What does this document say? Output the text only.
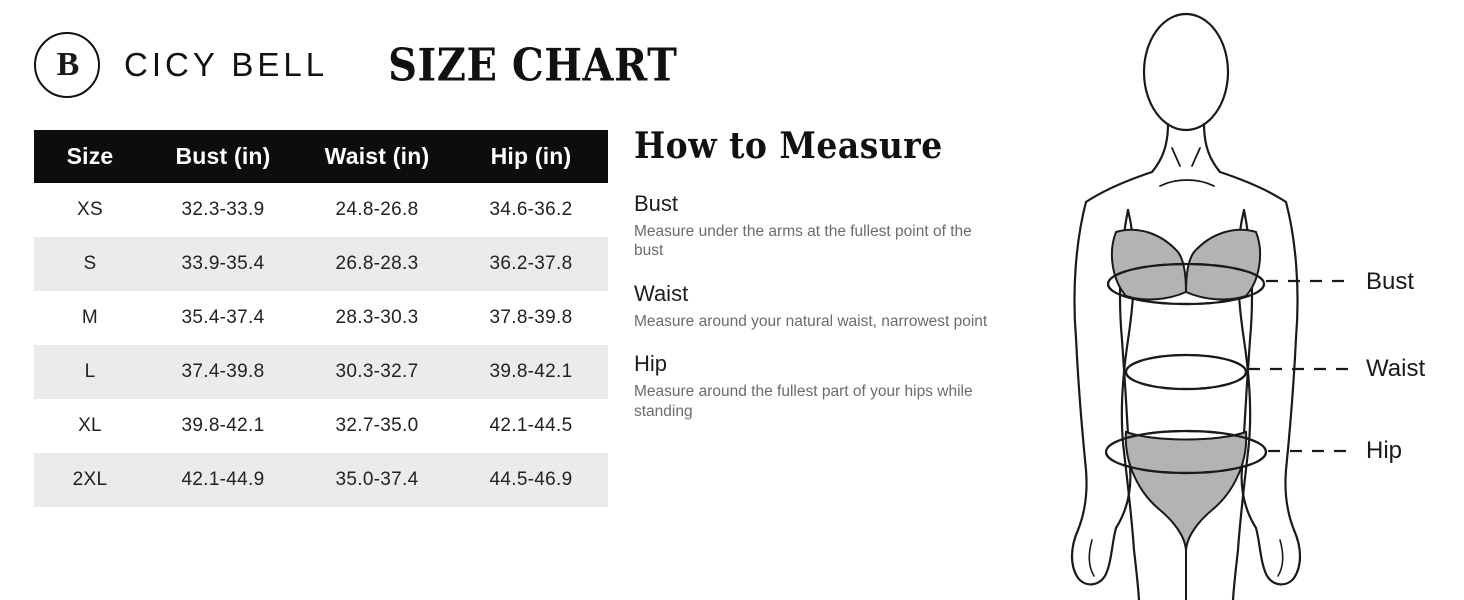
B	CICY BELL SIZE CHART
Size	Bust (in)	Waist (in)	Hip (in)
XS	32.3-33.9	24.8-26.8	34.6-36.2
S	33.9-35.4	26.8-28.3	36.2-37.8
M	35.4-37.4	28.3-30.3	37.8-39.8
L	37.4-39.8	30.3-32.7	39.8-42.1
XL	39.8-42.1	32.7-35.0	42.1-44.5
2XL	42.1-44.9	35.0-37.4	44.5-46.9
How to Measure
Bust
Measure under the arms at the fullest point of the bust
Waist
Measure around your natural waist, narrowest point
Hip
Measure around the fullest part of your hips while standing
Bust
Waist
Hip
